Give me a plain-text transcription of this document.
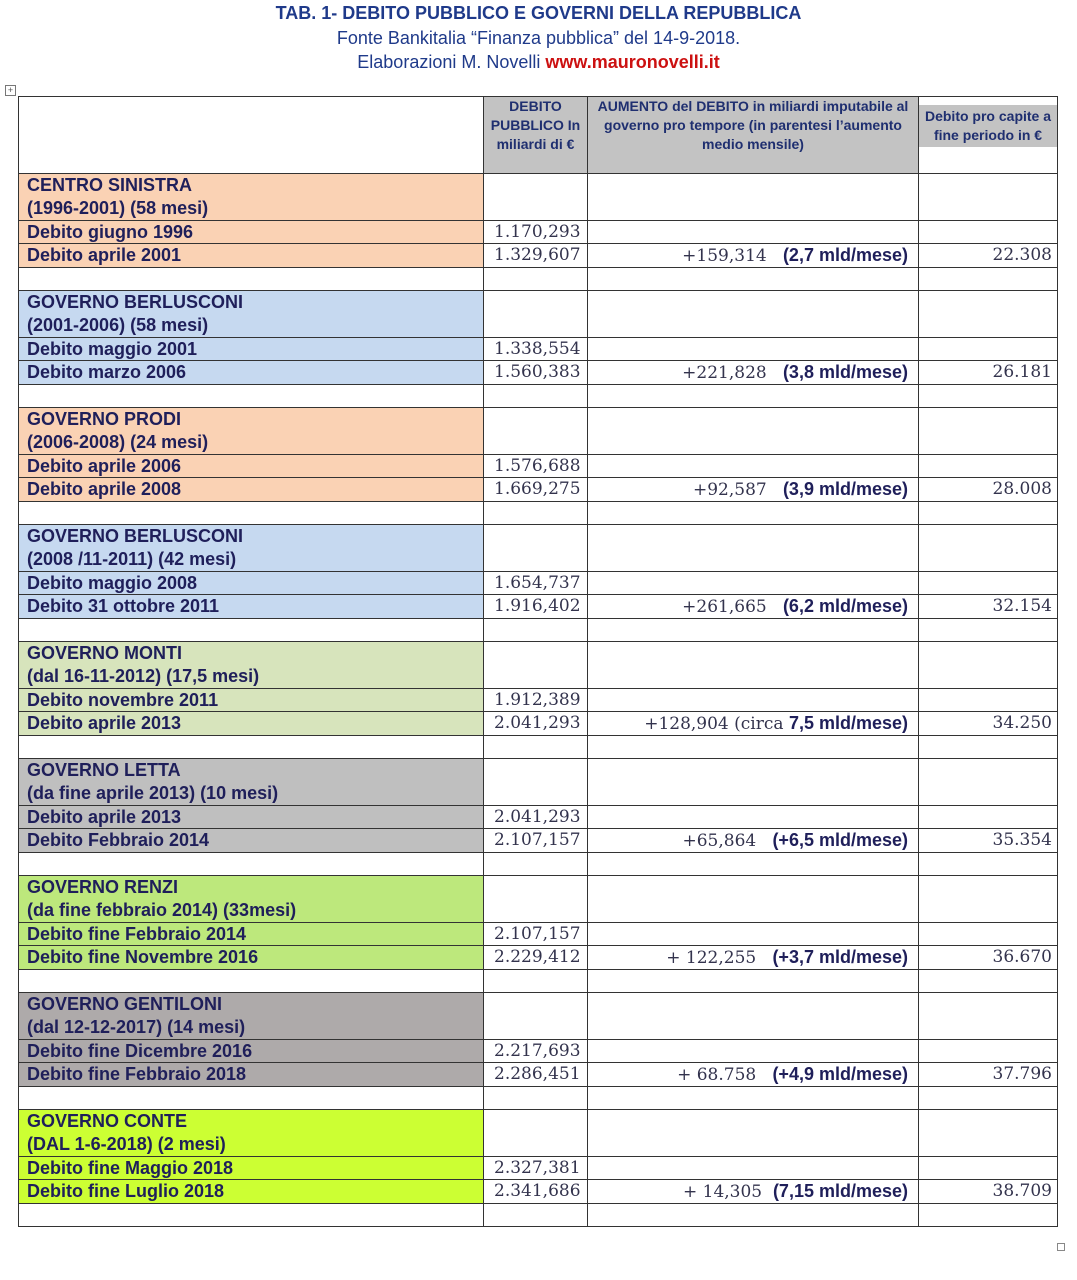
TAB. 1- DEBITO PUBBLICO E GOVERNI DELLA REPUBBLICA
Fonte Bankitalia “Finanza pubblica” del 14-9-2018.
Elaborazioni M. Novelli www.mauronovelli.it
+
	DEBITO PUBBLICO In miliardi di €	AUMENTO del DEBITO in miliardi imputabile al governo pro tempore (in parentesi l’aumento medio mensile)	Debito pro capite a fine periodo in €

CENTRO SINISTRA
(1996-2001) (58 mesi)			

Debito giugno 1996	1.170,293		
Debito aprile 2001	1.329,607	+159,314   (2,7 mld/mese)	22.308

GOVERNO BERLUSCONI
(2001-2006) (58 mesi)			

Debito maggio 2001	1.338,554		
Debito marzo 2006	1.560,383	+221,828   (3,8 mld/mese)	26.181

GOVERNO PRODI
(2006-2008) (24 mesi)			

Debito aprile 2006	1.576,688		
Debito aprile 2008	1.669,275	+92,587   (3,9 mld/mese)	28.008

GOVERNO BERLUSCONI
(2008 /11-2011) (42 mesi)			

Debito maggio 2008	1.654,737		
Debito 31 ottobre 2011	1.916,402	+261,665   (6,2 mld/mese)	32.154

GOVERNO MONTI
(dal 16-11-2012) (17,5 mesi)			

Debito novembre 2011	1.912,389		
Debito aprile 2013	2.041,293	+128,904 (circa 7,5 mld/mese)	34.250

GOVERNO LETTA
(da fine aprile 2013) (10 mesi)			

Debito aprile 2013	2.041,293		
Debito Febbraio 2014	2.107,157	+65,864   (+6,5 mld/mese)	35.354

GOVERNO RENZI
(da fine febbraio 2014) (33mesi)			

Debito fine Febbraio 2014	2.107,157		
Debito fine Novembre 2016	2.229,412	+ 122,255   (+3,7 mld/mese)	36.670

GOVERNO GENTILONI
(dal 12-12-2017) (14 mesi)			

Debito fine Dicembre 2016	2.217,693		
Debito fine Febbraio 2018	2.286,451	+ 68.758   (+4,9 mld/mese)	37.796

GOVERNO CONTE
(DAL 1-6-2018) (2 mesi)			

Debito fine Maggio 2018	2.327,381		
Debito fine Luglio 2018	2.341,686	+ 14,305  (7,15 mld/mese)	38.709
